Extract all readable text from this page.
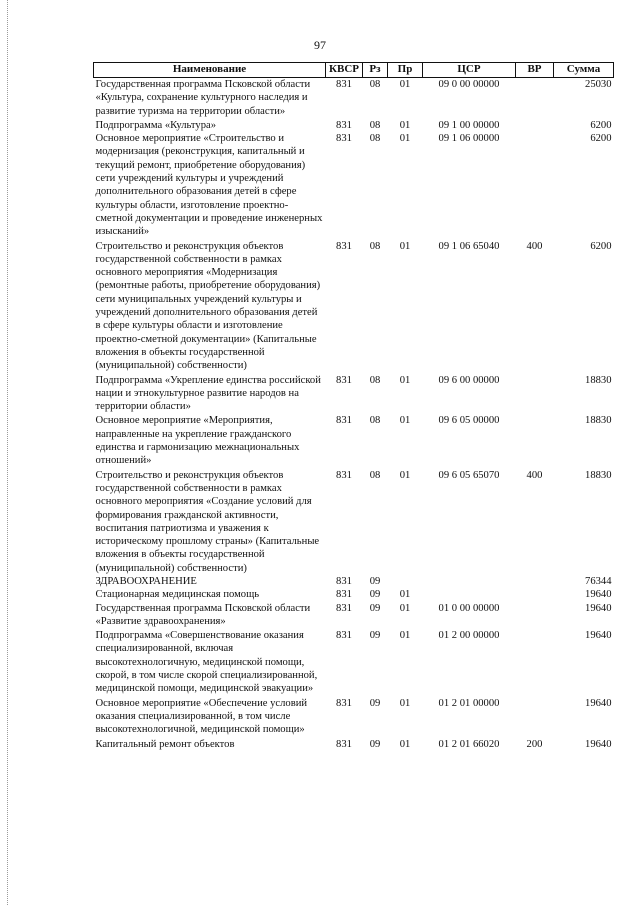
97
Наименование	КВСР	Рз	Пр	ЦСР	ВР	Сумма
Государственная программа Псковской области «Культура, сохранение культурного наследия и развитие туризма на территории области»	831	08	01	09 0 00 00000		25030
Подпрограмма «Культура»	831	08	01	09 1 00 00000		6200
Основное мероприятие «Строительство и модернизация (реконструкция, капитальный и текущий ремонт, приобретение оборудования) сети учреждений культуры и учреждений дополнительного образования детей в сфере культуры области, изготовление проектно-сметной документации и проведение инженерных изысканий»	831	08	01	09 1 06 00000		6200
Строительство и реконструкция объектов государственной собственности в рамках основного мероприятия «Модернизация (ремонтные работы, приобретение оборудования) сети муниципальных учреждений культуры и учреждений дополнительного образования детей в сфере культуры области и изготовление проектно-сметной документации» (Капитальные вложения в объекты государственной (муниципальной) собственности)	831	08	01	09 1 06 65040	400	6200
Подпрограмма «Укрепление единства российской нации и этнокультурное развитие народов на территории области»	831	08	01	09 6 00 00000		18830
Основное мероприятие «Мероприятия, направленные на укрепление гражданского единства и гармонизацию межнациональных отношений»	831	08	01	09 6 05 00000		18830
Строительство и реконструкция объектов государственной собственности в рамках основного мероприятия «Создание условий для формирования гражданской активности, воспитания патриотизма и уважения к историческому прошлому страны» (Капитальные вложения в объекты государственной (муниципальной) собственности)	831	08	01	09 6 05 65070	400	18830
ЗДРАВООХРАНЕНИЕ	831	09				76344
Стационарная медицинская помощь	831	09	01			19640
Государственная программа Псковской области «Развитие здравоохранения»	831	09	01	01 0 00 00000		19640
Подпрограмма «Совершенствование оказания специализированной, включая высокотехнологичную, медицинской помощи, скорой, в том числе скорой специализированной, медицинской помощи, медицинской эвакуации»	831	09	01	01 2 00 00000		19640
Основное мероприятие «Обеспечение условий оказания специализированной, в том числе высокотехнологичной, медицинской помощи»	831	09	01	01 2 01 00000		19640
Капитальный ремонт объектов	831	09	01	01 2 01 66020	200	19640
